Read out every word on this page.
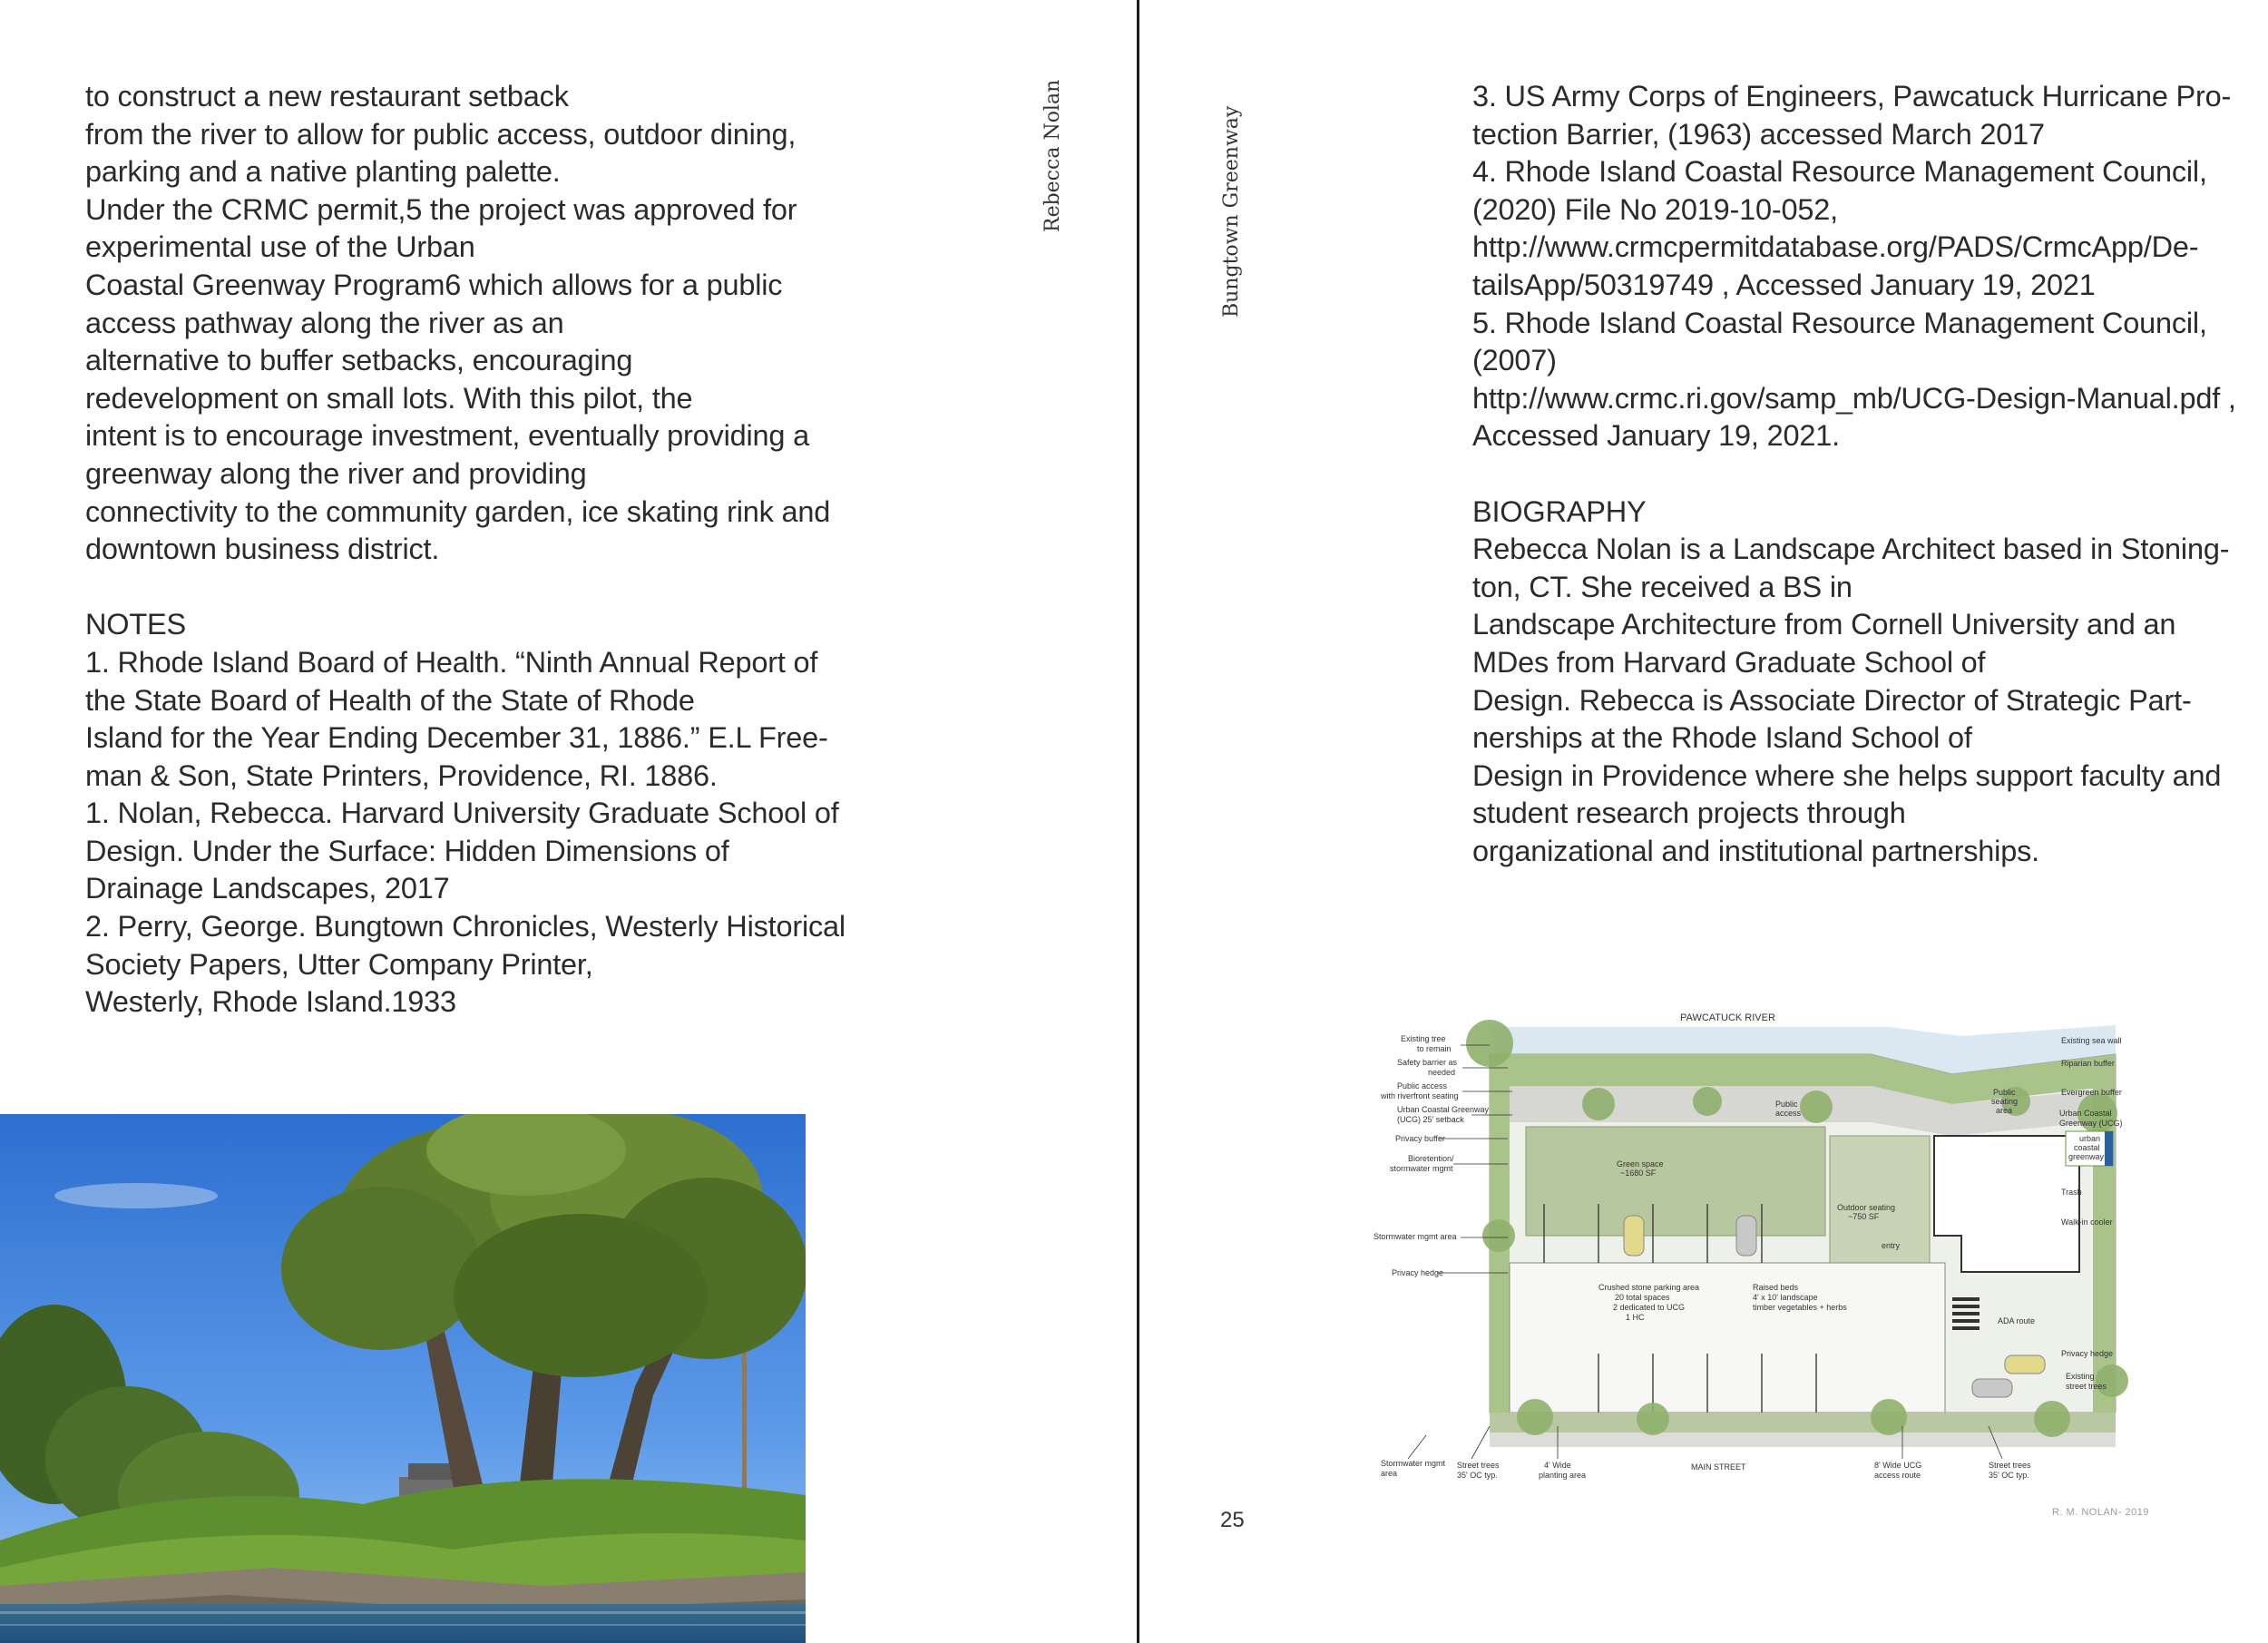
to construct a new restaurant setback

from the river to allow for public access, outdoor dining,

parking and a native planting palette.

Under the CRMC permit,5 the project was approved for

experimental use of the Urban

Coastal Greenway Program6 which allows for a public

access pathway along the river as an

alternative to buffer setbacks, encouraging

redevelopment on small lots. With this pilot, the

intent is to encourage investment, eventually providing a

greenway along the river and providing

connectivity to the community garden, ice skating rink and

downtown business district.

NOTES

1. Rhode Island Board of Health. “Ninth Annual Report of

the State Board of Health of the State of Rhode

Island for the Year Ending December 31, 1886.” E.L Free-

man & Son, State Printers, Providence, RI. 1886.

1. Nolan, Rebecca. Harvard University Graduate School of

Design. Under the Surface: Hidden Dimensions of

Drainage Landscapes, 2017

2. Perry, George. Bungtown Chronicles, Westerly Historical

Society Papers, Utter Company Printer,

Westerly, Rhode Island.1933

Rebecca Nolan	Bungtown Greenway

3. US Army Corps of Engineers, Pawcatuck Hurricane Pro-

tection Barrier, (1963) accessed March 2017

4. Rhode Island Coastal Resource Management Council,

(2020) File No 2019-10-052,

http://www.crmcpermitdatabase.org/PADS/CrmcApp/De-

tailsApp/50319749 , Accessed January 19, 2021

5. Rhode Island Coastal Resource Management Council,

(2007)

http://www.crmc.ri.gov/samp_mb/UCG-Design-Manual.pdf ,

Accessed January 19, 2021.

BIOGRAPHY

Rebecca Nolan is a Landscape Architect based in Stoning-

ton, CT. She received a BS in

Landscape Architecture from Cornell University and an

MDes from Harvard Graduate School of

Design. Rebecca is Associate Director of Strategic Part-

nerships at the Rhode Island School of

Design in Providence where she helps support faculty and

student research projects through

organizational and institutional partnerships.

PAWCATUCK RIVER
Existing tree
to remain
Safety barrier as
needed
Public access
with riverfront seating
Urban Coastal Greenway
(UCG) 25' setback
Privacy buffer
Bioretention/
stormwater mgmt
Stormwater mgmt area
Privacy hedge
Existing sea wall
Riparian buffer
Evergreen buffer
Urban Coastal
Greenway (UCG)
Trash
Walk-in cooler
Privacy hedge
Existing
street trees
urban
coastal
greenway
Public
access
Green space
~1680 SF
Public
seating
area
Outdoor seating
~750 SF
entry
Crushed stone parking area
20 total spaces
2 dedicated to UCG
1 HC
Raised beds
4' x 10' landscape
timber vegetables + herbs
ADA route
Stormwater mgmt
area
Street trees
35' OC typ.
4' Wide
planting area
8' Wide UCG
access route
Street trees
35' OC typ.
MAIN STREET
R. M. NOLAN- 2019
25
